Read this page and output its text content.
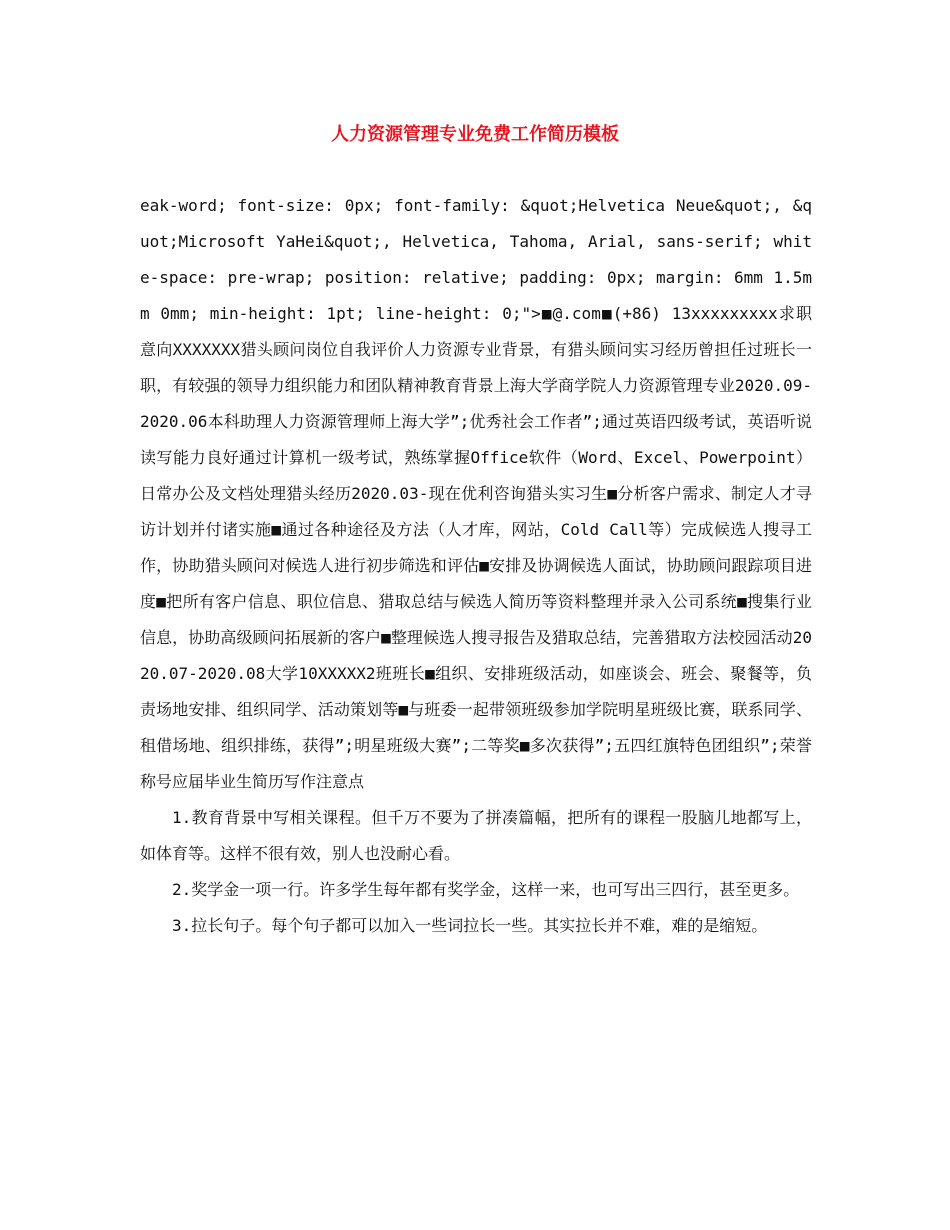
人力资源管理专业免费工作简历模板

eak-word; font-size: 0px; font-family: &quot;Helvetica Neue&quot;, &quot;Microsoft YaHei&quot;, Helvetica, Tahoma, Arial, sans-serif; white-space: pre-wrap; position: relative; padding: 0px; margin: 6mm 1.5mm 0mm; min-height: 1pt; line-height: 0;">■@.com■(+86) 13xxxxxxxxx求职意向XXXXXXX猎头顾问岗位自我评价人力资源专业背景，有猎头顾问实习经历曾担任过班长一职，有较强的领导力组织能力和团队精神教育背景上海大学商学院人力资源管理专业2020.09-2020.06本科助理人力资源管理师上海大学”;优秀社会工作者”;通过英语四级考试，英语听说读写能力良好通过计算机一级考试，熟练掌握Office软件（Word、Excel、Powerpoint）日常办公及文档处理猎头经历2020.03-现在优利咨询猎头实习生■分析客户需求、制定人才寻访计划并付诸实施■通过各种途径及方法（人才库，网站，Cold Call等）完成候选人搜寻工作，协助猎头顾问对候选人进行初步筛选和评估■安排及协调候选人面试，协助顾问跟踪项目进度■把所有客户信息、职位信息、猎取总结与候选人简历等资料整理并录入公司系统■搜集行业信息，协助高级顾问拓展新的客户■整理候选人搜寻报告及猎取总结，完善猎取方法校园活动2020.07-2020.08大学10XXXXX2班班长■组织、安排班级活动，如座谈会、班会、聚餐等，负责场地安排、组织同学、活动策划等■与班委一起带领班级参加学院明星班级比赛，联系同学、租借场地、组织排练，获得”;明星班级大赛”;二等奖■多次获得”;五四红旗特色团组织”;荣誉称号应届毕业生简历写作注意点

1.教育背景中写相关课程。但千万不要为了拼凑篇幅，把所有的课程一股脑儿地都写上，如体育等。这样不很有效，别人也没耐心看。

2.奖学金一项一行。许多学生每年都有奖学金，这样一来，也可写出三四行，甚至更多。

3.拉长句子。每个句子都可以加入一些词拉长一些。其实拉长并不难，难的是缩短。
